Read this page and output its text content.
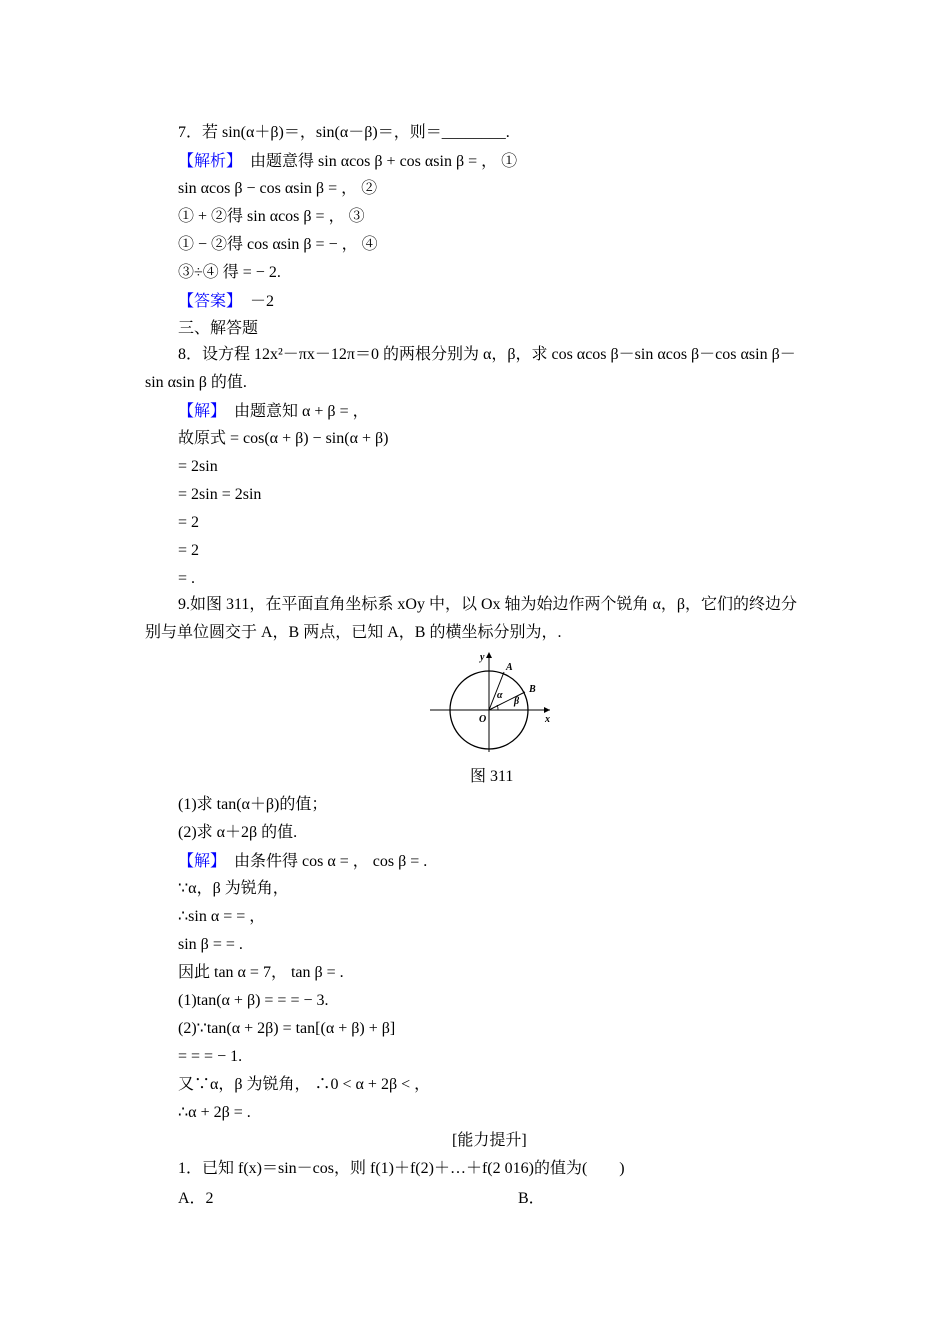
7．若 sin(α＋β)＝，sin(α－β)＝，则＝________.
【解析】　由题意得 sin αcos β + cos αsin β = ， ①
sin αcos β − cos αsin β = ， ②
① + ②得 sin αcos β = ， ③
① − ②得 cos αsin β = − ， ④
③÷④ 得 = − 2.
【答案】　－2
三、解答题
8．设方程 12x²－πx－12π＝0 的两根分别为 α，β，求 cos αcos β－sin αcos β－cos αsin β－
sin αsin β 的值.
【解】　由题意知 α + β = ，
故原式 = cos(α + β) − sin(α + β)
= 2sin
= 2sin = 2sin
= 2
= 2
= .
9.如图 311，在平面直角坐标系 xOy 中，以 Ox 轴为始边作两个锐角 α，β，它们的终边分
别与单位圆交于 A，B 两点，已知 A，B 的横坐标分别为，.
y
x
O
A
B
α
β
图 311
(1)求 tan(α＋β)的值；
(2)求 α＋2β 的值.
【解】　由条件得 cos α = ， cos β = .
∵α，β 为锐角，
∴sin α = = ，
sin β = = .
因此 tan α = 7， tan β = .
(1)tan(α + β) = = = − 3.
(2)∵tan(α + 2β) = tan[(α + β) + β]
= = = − 1.
又∵α，β 为锐角， ∴0 < α + 2β < ，
∴α + 2β = .
[能力提升]
1．已知 f(x)＝sin－cos，则 f(1)＋f(2)＋…＋f(2 016)的值为(　　)
A．2	B．
